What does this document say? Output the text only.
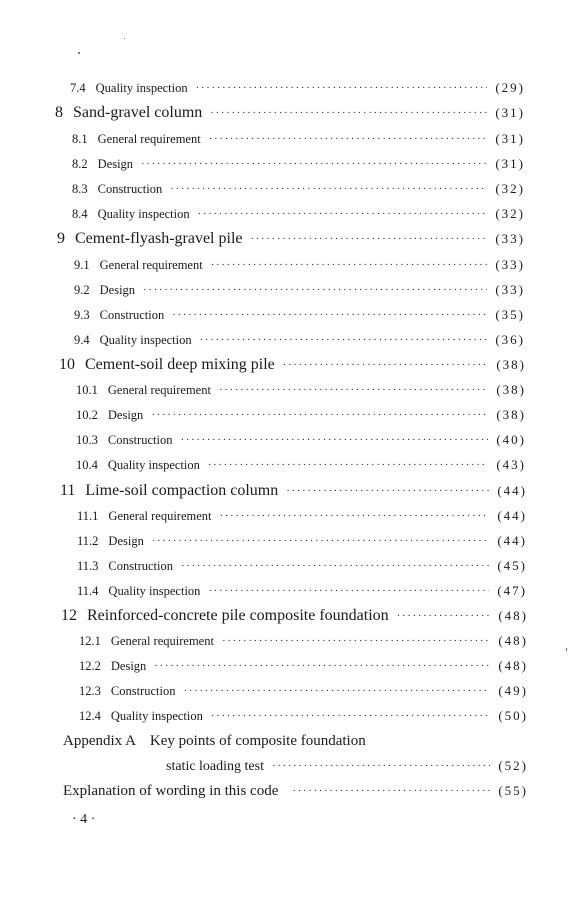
7.4 Quality inspection ·····	(29)
8 Sand-gravel column ·····	(31)
8.1 General requirement ·····	(31)
8.2 Design ·····	(31)
8.3 Construction ·····	(32)
8.4 Quality inspection ·····	(32)
9 Cement-flyash-gravel pile ·····	(33)
9.1 General requirement ·····	(33)
9.2 Design ·····	(33)
9.3 Construction ·····	(35)
9.4 Quality inspection ·····	(36)
10 Cement-soil deep mixing pile ·····	(38)
10.1 General requirement ·····	(38)
10.2 Design ·····	(38)
10.3 Construction ·····	(40)
10.4 Quality inspection ·····	(43)
11 Lime-soil compaction column ·····	(44)
11.1 General requirement ·····	(44)
11.2 Design ·····	(44)
11.3 Construction ·····	(45)
11.4 Quality inspection ·····	(47)
12 Reinforced-concrete pile composite foundation ·····	(48)
12.1 General requirement ·····	(48)
12.2 Design ·····	(48)
12.3 Construction ·····	(49)
12.4 Quality inspection ·····	(50)
Appendix A Key points of composite foundation
static loading test ·····	(52)
Explanation of wording in this code ·····	(55)
· 4 ·
